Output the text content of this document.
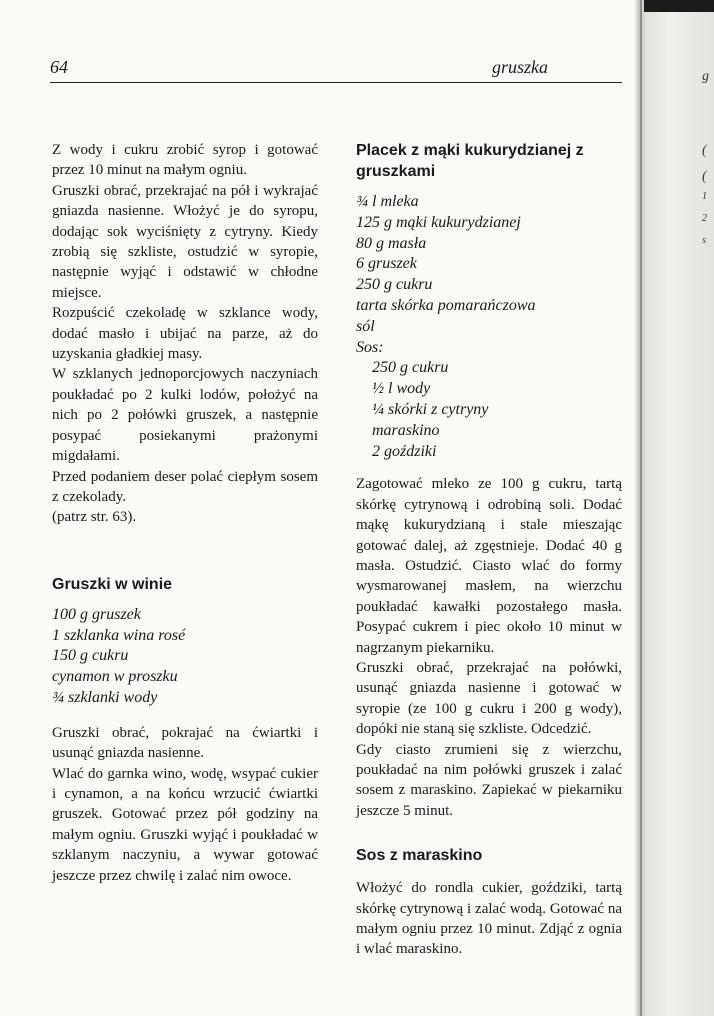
64	gruszka

Z wody i cukru zrobić syrop i gotować przez 10 minut na małym ogniu.

Gruszki obrać, przekrajać na pół i wykrajać gniazda nasienne. Włożyć je do syropu, dodając sok wyciśnięty z cytryny. Kiedy zrobią się szkliste, ostudzić w syropie, następnie wyjąć i odstawić w chłodne miejsce.

Rozpuścić czekoladę w szklance wody, dodać masło i ubijać na parze, aż do uzyskania gładkiej masy.

W szklanych jednoporcjowych naczyniach poukładać po 2 kulki lodów, położyć na nich po 2 połówki gruszek, a następnie posypać posiekanymi prażonymi migdałami.

Przed podaniem deser polać ciepłym sosem z czekolady.

(patrz str. 63).

Gruszki w winie
100 g gruszek
1 szklanka wina rosé
150 g cukru
cynamon w proszku
¾ szklanki wody

Gruszki obrać, pokrajać na ćwiartki i usunąć gniazda nasienne.

Wlać do garnka wino, wodę, wsypać cukier i cynamon, a na końcu wrzucić ćwiartki gruszek. Gotować przez pół godziny na małym ogniu. Gruszki wyjąć i poukładać w szklanym naczyniu, a wywar gotować jeszcze przez chwilę i zalać nim owoce.

Placek z mąki kukurydzianej z gruszkami
¾ l mleka
125 g mąki kukurydzianej
80 g masła
6 gruszek
250 g cukru
tarta skórka pomarańczowa
sól
Sos:
250 g cukru
½ l wody
¼ skórki z cytryny
maraskino
2 goździki

Zagotować mleko ze 100 g cukru, tartą skórkę cytrynową i odrobiną soli. Dodać mąkę kukurydzianą i stale mieszając gotować dalej, aż zgęstnieje. Dodać 40 g masła. Ostudzić. Ciasto wlać do formy wysmarowanej masłem, na wierzchu poukładać kawałki pozostałego masła. Posypać cukrem i piec około 10 minut w nagrzanym piekarniku.

Gruszki obrać, przekrajać na połówki, usunąć gniazda nasienne i gotować w syropie (ze 100 g cukru i 200 g wody), dopóki nie staną się szkliste. Odcedzić.

Gdy ciasto zrumieni się z wierzchu, poukładać na nim połówki gruszek i zalać sosem z maraskino. Zapiekać w piekarniku jeszcze 5 minut.

Sos z maraskino

Włożyć do rondla cukier, goździki, tartą skórkę cytrynową i zalać wodą. Gotować na małym ogniu przez 10 minut. Zdjąć z ognia i wlać maraskino.

g
(
(
1
2
s
